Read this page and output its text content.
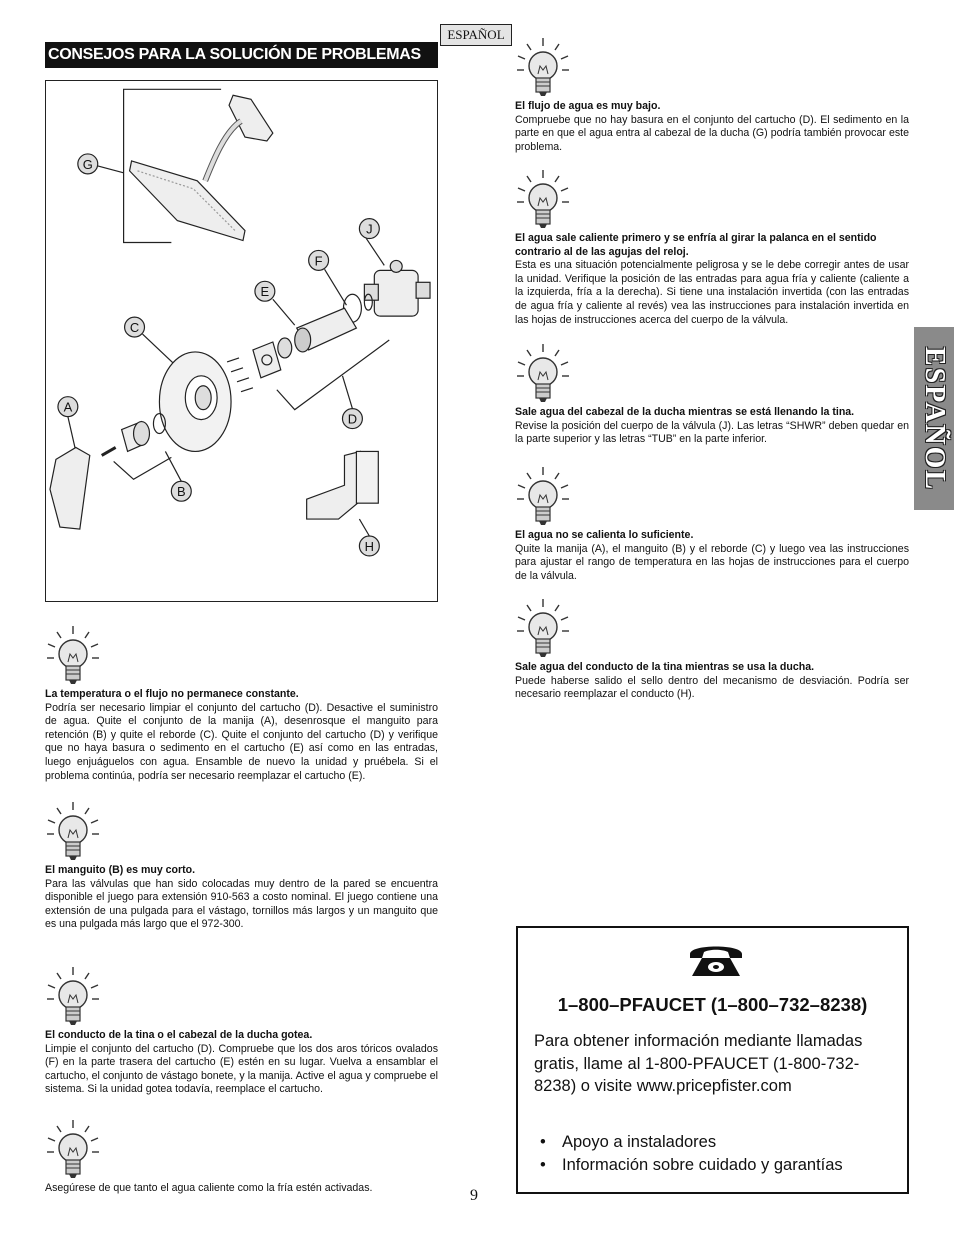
ESPAÑOL
CONSEJOS PARA LA SOLUCIÓN DE PROBLEMAS
G
J
F
E
C
A
D
B
H
La temperatura o el flujo no permanece constante.

Podría ser necesario limpiar el conjunto del cartucho (D). Desactive el suministro de agua. Quite el conjunto de la manija (A), desenrosque el manguito para retención (B) y quite el reborde (C). Quite el conjunto del cartucho (D) y verifique que no haya basura o sedimento en el cartucho (E) así como en las entradas, luego enjuáguelos con agua. Ensamble de nuevo la unidad y pruébela. Si el problema continúa, podría ser necesario reemplazar el cartucho (E).

El manguito (B) es muy corto.

Para las válvulas que han sido colocadas muy dentro de la pared se encuentra disponible el juego para extensión 910-563 a costo nominal. El juego contiene una extensión de una pulgada para el vástago, tornillos más largos y un manguito que es una pulgada más largo que el 972-300.

El conducto de la tina o el cabezal de la ducha gotea.

Limpie el conjunto del cartucho (D). Compruebe que los dos aros tóricos ovalados (F) en la parte trasera del cartucho (E) estén en su lugar. Vuelva a ensamblar el cartucho, el conjunto de vástago bonete, y la manija. Active el agua y compruebe el sistema. Si la unidad gotea todavía, reemplace el cartucho.

Asegúrese de que tanto el agua caliente como la fría estén activadas.

El flujo de agua es muy bajo.

Compruebe que no hay basura en el conjunto del cartucho (D). El sedimento en la parte en que el agua entra al cabezal de la ducha (G) podría también provocar este problema.

El agua sale caliente primero y se enfría al girar la palanca en el sentido contrario al de las agujas del reloj.

Esta es una situación potencialmente peligrosa y se le debe corregir antes de usar la unidad. Verifique la posición de las entradas para agua fría y caliente (caliente a la izquierda, fría a la derecha). Si tiene una instalación invertida (con las entradas de agua fría y caliente al revés) vea las instrucciones para instalación invertida en las hojas de instrucciones acerca del cuerpo de la válvula.

Sale agua del cabezal de la ducha mientras se está llenando la tina.

Revise la posición del cuerpo de la válvula (J). Las letras “SHWR” deben quedar en la parte superior y las letras “TUB” en la parte inferior.

El agua no se calienta lo suficiente.

Quite la manija (A), el manguito (B) y el reborde (C) y luego vea las instrucciones para ajustar el rango de temperatura en las hojas de instrucciones para el cuerpo de la válvula.

Sale agua del conducto de la tina mientras se usa la ducha.

Puede haberse salido el sello dentro del mecanismo de desviación. Podría ser necesario reemplazar el conducto (H).

ESPAÑOL
1–800–PFAUCET (1–800–732–8238)
Para obtener información mediante llamadas gratis, llame al 1-800-PFAUCET (1-800-732-8238) o visite www.pricepfister.com
• Apoyo a instaladores
• Información sobre cuidado y garantías
9
